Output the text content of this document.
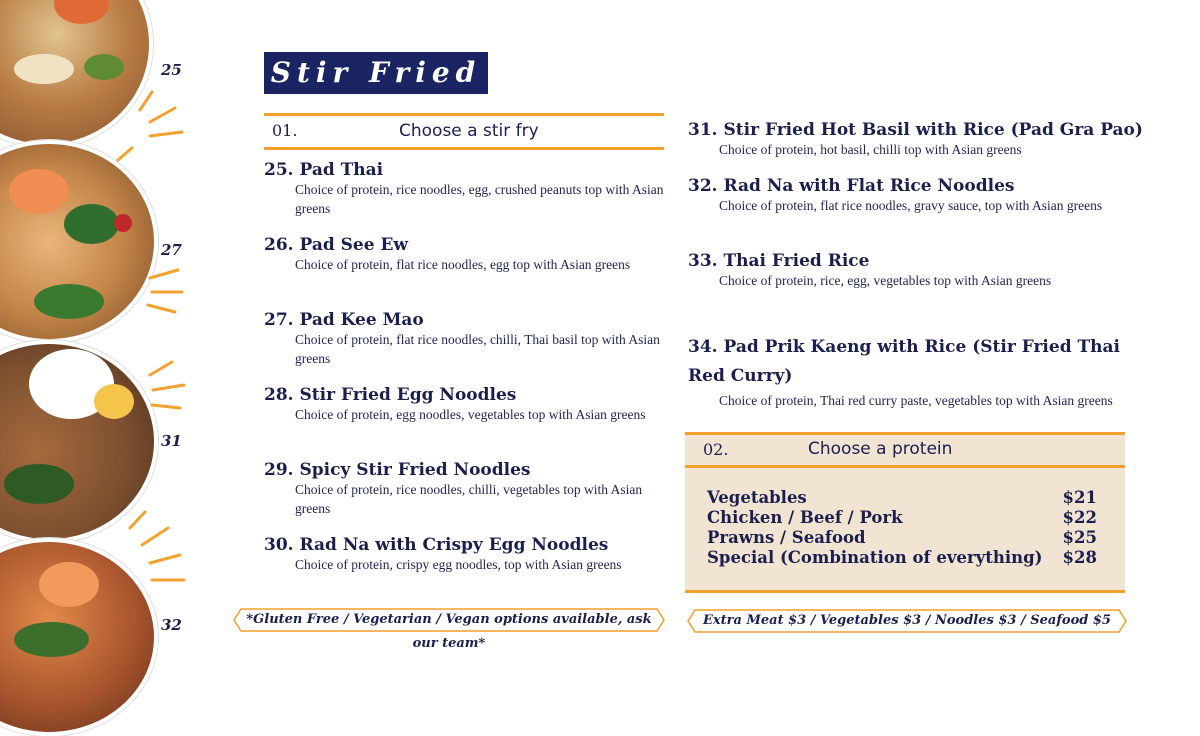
25
27
31
32
Stir Fried
01.	Choose a stir fry
25. Pad Thai
Choice of protein, rice noodles, egg, crushed peanuts top with Asian greens
26. Pad See Ew
Choice of protein, flat rice noodles, egg top with Asian greens
27. Pad Kee Mao
Choice of protein, flat rice noodles, chilli, Thai basil top with Asian greens
28. Stir Fried Egg Noodles
Choice of protein, egg noodles, vegetables top with Asian greens
29. Spicy Stir Fried Noodles
Choice of protein, rice noodles, chilli, vegetables top with Asian greens
30. Rad Na with Crispy Egg Noodles
Choice of protein, crispy egg noodles, top with Asian greens
31. Stir Fried Hot Basil with Rice (Pad Gra Pao)
Choice of protein, hot basil, chilli top with Asian greens
32. Rad Na with Flat Rice Noodles
Choice of protein, flat rice noodles, gravy sauce, top with Asian greens
33. Thai Fried Rice
Choice of protein, rice, egg, vegetables top with Asian greens
34. Pad Prik Kaeng with Rice (Stir Fried Thai Red Curry)
Choice of protein, Thai red curry paste, vegetables top with Asian greens
02.	Choose a protein
Vegetables	$21
Chicken / Beef / Pork	$22
Prawns / Seafood	$25
Special (Combination of everything) $28
*Gluten Free / Vegetarian / Vegan options available, ask our team*
Extra Meat $3 / Vegetables $3 / Noodles $3 / Seafood $5
